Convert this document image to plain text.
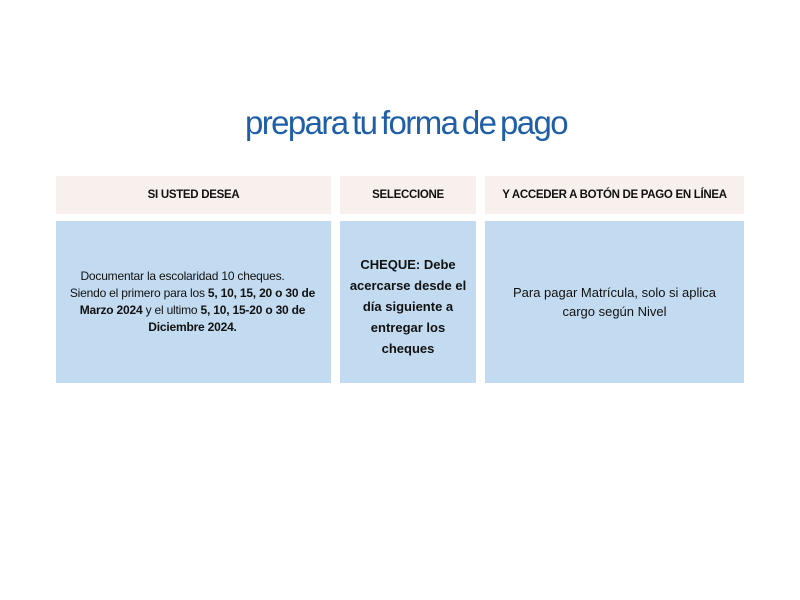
prepara tu forma de pago
SI USTED DESEA	SELECCIONE	Y ACCEDER A BOTÓN DE PAGO EN LÍNEA
Documentar la escolaridad 10 cheques.
Siendo el primero para los 5, 10, 15, 20 o 30 de Marzo 2024 y el ultimo 5, 10, 15-20 o 30 de Diciembre 2024.
CHEQUE: Debe acercarse desde el día siguiente a entregar los cheques
Para pagar Matrícula, solo si aplica cargo según Nivel
